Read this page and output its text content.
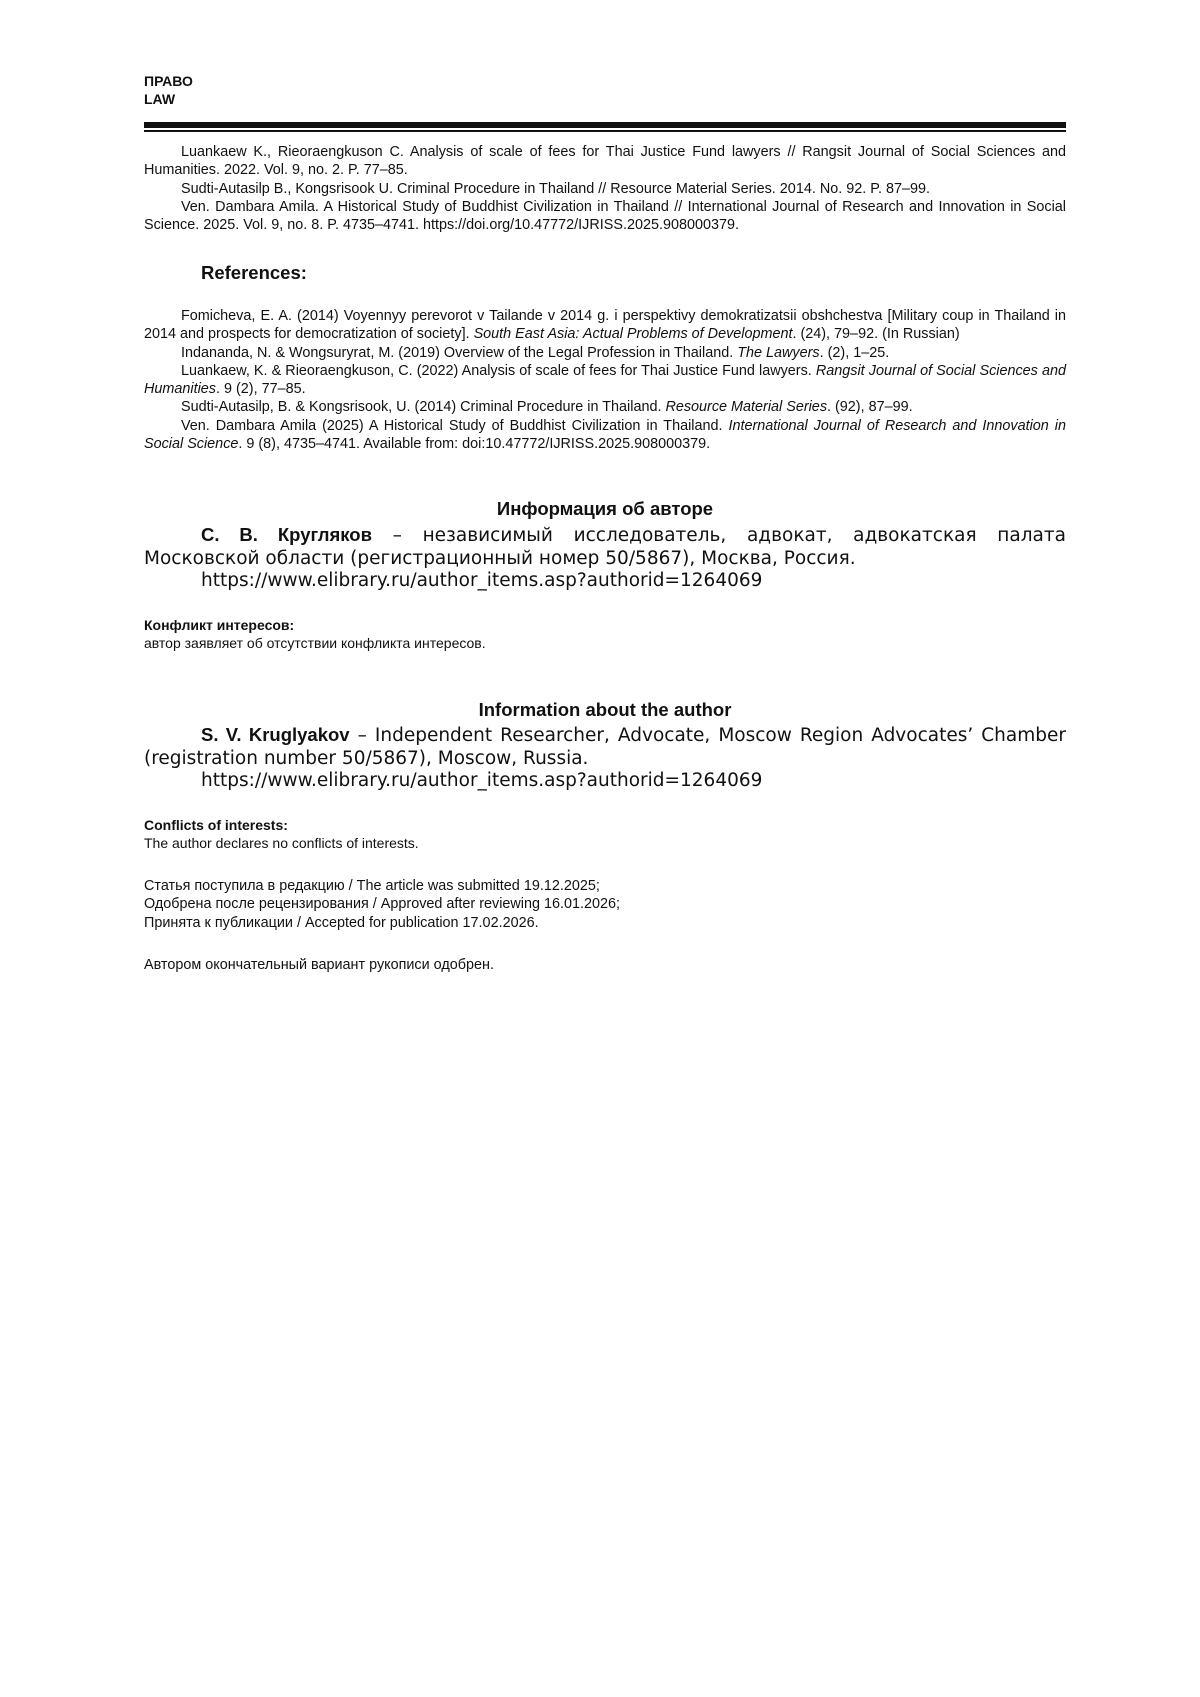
ПРАВО
LAW

Luankaew K., Rieoraengkuson C. Analysis of scale of fees for Thai Justice Fund lawyers // Rangsit Journal of Social Sciences and Humanities. 2022. Vol. 9, no. 2. P. 77–85.

Sudti-Autasilp B., Kongsrisook U. Criminal Procedure in Thailand // Resource Material Series. 2014. No. 92. P. 87–99.

Ven. Dambara Amila. A Historical Study of Buddhist Civilization in Thailand // International Journal of Research and Innovation in Social Science. 2025. Vol. 9, no. 8. P. 4735–4741. https://doi.org/10.47772/IJRISS.2025.908000379.

References:

Fomicheva, E. A. (2014) Voyennyy perevorot v Tailande v 2014 g. i perspektivy demokratizatsii obshchestva [Military coup in Thailand in 2014 and prospects for democratization of society]. South East Asia: Actual Problems of Development. (24), 79–92. (In Russian)

Indananda, N. & Wongsuryrat, M. (2019) Overview of the Legal Profession in Thailand. The Lawyers. (2), 1–25.

Luankaew, K. & Rieoraengkuson, C. (2022) Analysis of scale of fees for Thai Justice Fund lawyers. Rangsit Journal of Social Sciences and Humanities. 9 (2), 77–85.

Sudti-Autasilp, B. & Kongsrisook, U. (2014) Criminal Procedure in Thailand. Resource Material Series. (92), 87–99.

Ven. Dambara Amila (2025) A Historical Study of Buddhist Civilization in Thailand. International Journal of Research and Innovation in Social Science. 9 (8), 4735–4741. Available from: doi:10.47772/IJRISS.2025.908000379.

Информация об авторе

С. В. Кругляков – независимый исследователь, адвокат, адвокатская палата Московской области (регистрационный номер 50/5867), Москва, Россия.

https://www.elibrary.ru/author_items.asp?authorid=1264069
Конфликт интересов:
автор заявляет об отсутствии конфликта интересов.
Information about the author

S. V. Kruglyakov – Independent Researcher, Advocate, Moscow Region Advocates’ Chamber (registration number 50/5867), Moscow, Russia.

https://www.elibrary.ru/author_items.asp?authorid=1264069
Conflicts of interests:
The author declares no conflicts of interests.
Статья поступила в редакцию / The article was submitted 19.12.2025;
Одобрена после рецензирования / Approved after reviewing 16.01.2026;
Принята к публикации / Accepted for publication 17.02.2026.
Автором окончательный вариант рукописи одобрен.
